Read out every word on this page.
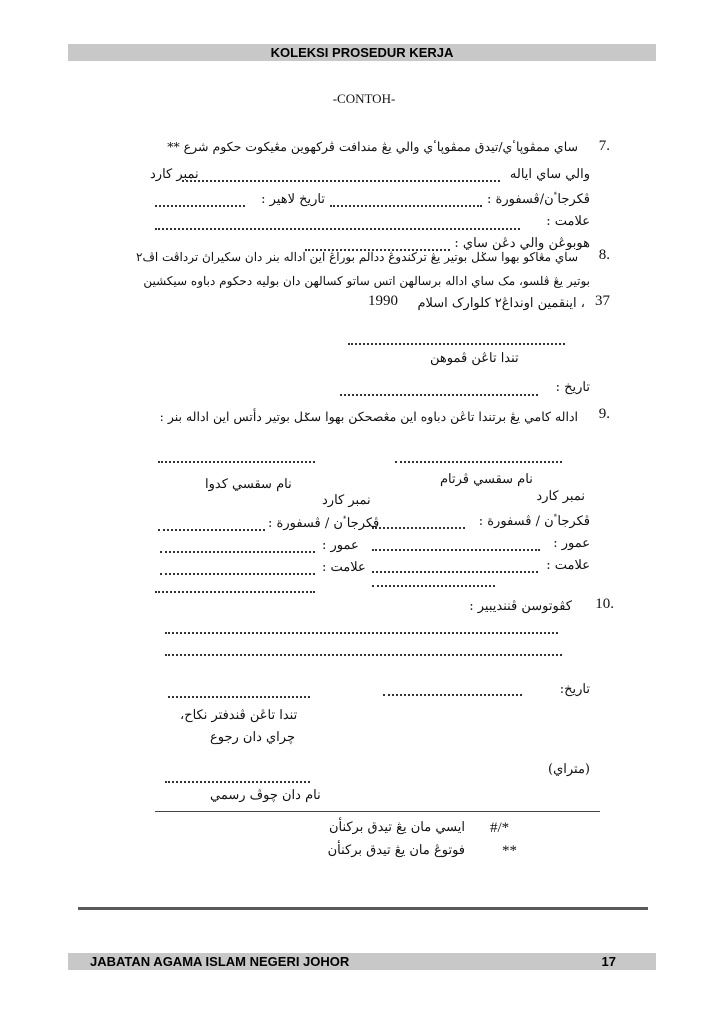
KOLEKSI PROSEDUR KERJA
-CONTOH-
7.
ساي ممڤوڽاٴي/تيدق ممڤوڽاٴي والي يڠ مندافت ڤركهوين مڠيكوت حكوم شرع **
والي ساي اياله
نمبر كارد
ڤكرجاٴن/ڤسفورة :
تاريخ لاهير :
علامت :
هوبوڠن والي دڠن ساي :
8.
ساي مڠاكو بهوا سݢل بوتير يڠ ترکندوڠ ددالم بوراڠ اين اداله بنر دان سکيراڽ ترداڤت اڤ٢
بوتير يڠ ڤلسو، مک ساي اداله برسالهن اتس ساتو کسالهن دان بوليه دحکوم دباوه سيکشين
37
، اينقمين اونداڠ٢ كلوارک اسلام
1990
تندا تاڠن ڤموهن
تاريخ :
9.
اداله كامي يڠ برتندا تاڠن دباوه اين مڠصحكن بهوا سݢل بوتير دأتس اين اداله بنر :
نام سقسي ڤرتام
نام سقسي كدوا
نمبر كارد	نمبر كارد
ڤكرجاٴن / ڤسفورة :
ڤكرجاٴن / ڤسفورة :
عمور :
عمور :
علامت :
علامت :
10.
كڤوتوسن ڤننديبير :
تاريخ:
تندا تاڠن ڤندفتر نكاح،
چراي دان رجوع
(متراي)
نام دان چوڤ رسمي
#/*
ايسي مان يڠ تيدق بركنأن
**
فوتوڠ مان يڠ تيدق بركنأن
JABATAN AGAMA ISLAM NEGERI JOHOR	17
